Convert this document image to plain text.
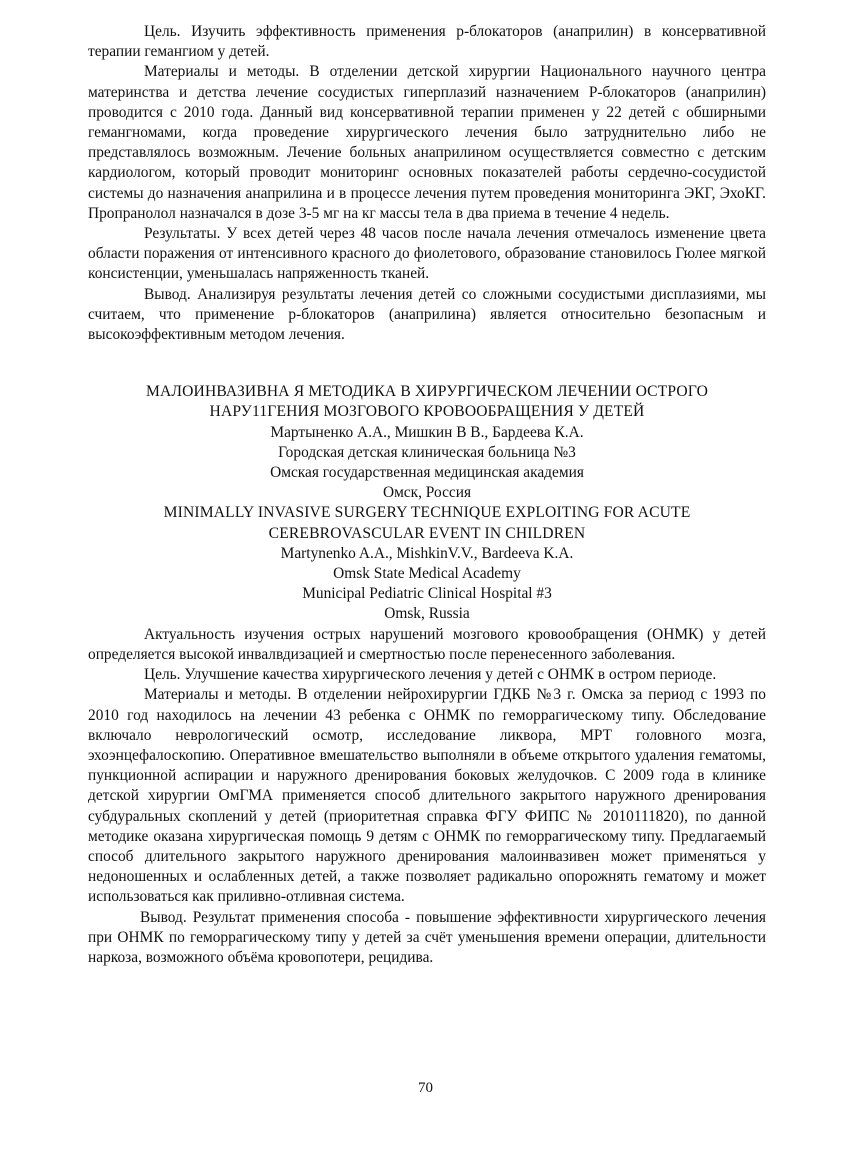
Цель. Изучить эффективность применения р-блокаторов (анаприлин) в консервативной терапии гемангиом у детей.

Материалы и методы. В отделении детской хирургии Национального научного центра материнства и детства лечение сосудистых гиперплазий назначением Р-блокаторов (анаприлин) проводится с 2010 года. Данный вид консервативной терапии применен у 22 детей с обширными гемангномами, когда проведение хирургического лечения было затруднительно либо не представлялось возможным. Лечение больных анаприлином осуществляется совместно с детским кардиологом, который проводит мониторинг основных показателей работы сердечно-сосудистой системы до назначения анаприлина и в процессе лечения путем проведения мониторинга ЭКГ, ЭхоКГ. Пропранолол назначался в дозе 3-5 мг на кг массы тела в два приема в течение 4 недель.

Результаты. У всех детей через 48 часов после начала лечения отмечалось изменение цвета области поражения от интенсивного красного до фиолетового, образование становилось Гюлее мягкой консистенции, уменьшалась напряженность тканей.

Вывод. Анализируя результаты лечения детей со сложными сосудистыми дисплазиями, мы считаем, что применение р-блокаторов (анаприлина) является относительно безопасным и высокоэффективным методом лечения.

МАЛОИНВАЗИВНА Я МЕТОДИКА В ХИРУРГИЧЕСКОМ ЛЕЧЕНИИ ОСТРОГО
НАРУ11ГЕНИЯ МОЗГОВОГО КРОВООБРАЩЕНИЯ У ДЕТЕЙ

Мартыненко А.А., Мишкин В В., Бардеева К.А.

Городская детская клиническая больница №3

Омская государственная медицинская академия

Омск, Россия

MINIMALLY INVASIVE SURGERY TECHNIQUE EXPLOITING FOR ACUTE
CEREBROVASCULAR EVENT IN CHILDREN

Martynenko A.A., MishkinV.V., Bardeeva K.A.

Omsk State Medical Academy

Municipal Pediatric Clinical Hospital #3

Omsk, Russia

Актуальность изучения острых нарушений мозгового кровообращения (ОНМК) у детей определяется высокой инвалвдизацией и смертностью после перенесенного заболевания.

Цель. Улучшение качества хирургического лечения у детей с ОНМК в остром периоде.

Материалы и методы. В отделении нейрохирургии ГДКБ №3 г. Омска за период с 1993 по 2010 год находилось на лечении 43 ребенка с ОНМК по геморрагическому типу. Обследование включало неврологический осмотр, исследование ликвора, МРТ головного мозга, эхоэнцефалоскопию. Оперативное вмешательство выполняли в объеме открытого удаления гематомы, пункционной аспирации и наружного дренирования боковых желудочков. С 2009 года в клинике детской хирургии ОмГМА применяется способ длительного закрытого наружного дренирования субдуральных скоплений у детей (приоритетная справка ФГУ ФИПС № 2010111820), по данной методике оказана хирургическая помощь 9 детям с ОНМК по геморрагическому типу. Предлагаемый способ длительного закрытого наружного дренирования малоинвазивен может применяться у недоношенных и ослабленных детей, а также позволяет радикально опорожнять гематому и может использоваться как приливно-отливная система.

Вывод. Результат применения способа - повышение эффективности хирургического лечения при ОНМК по геморрагическому типу у детей за счёт уменьшения времени операции, длительности наркоза, возможного объёма кровопотери, рецидива.

70
